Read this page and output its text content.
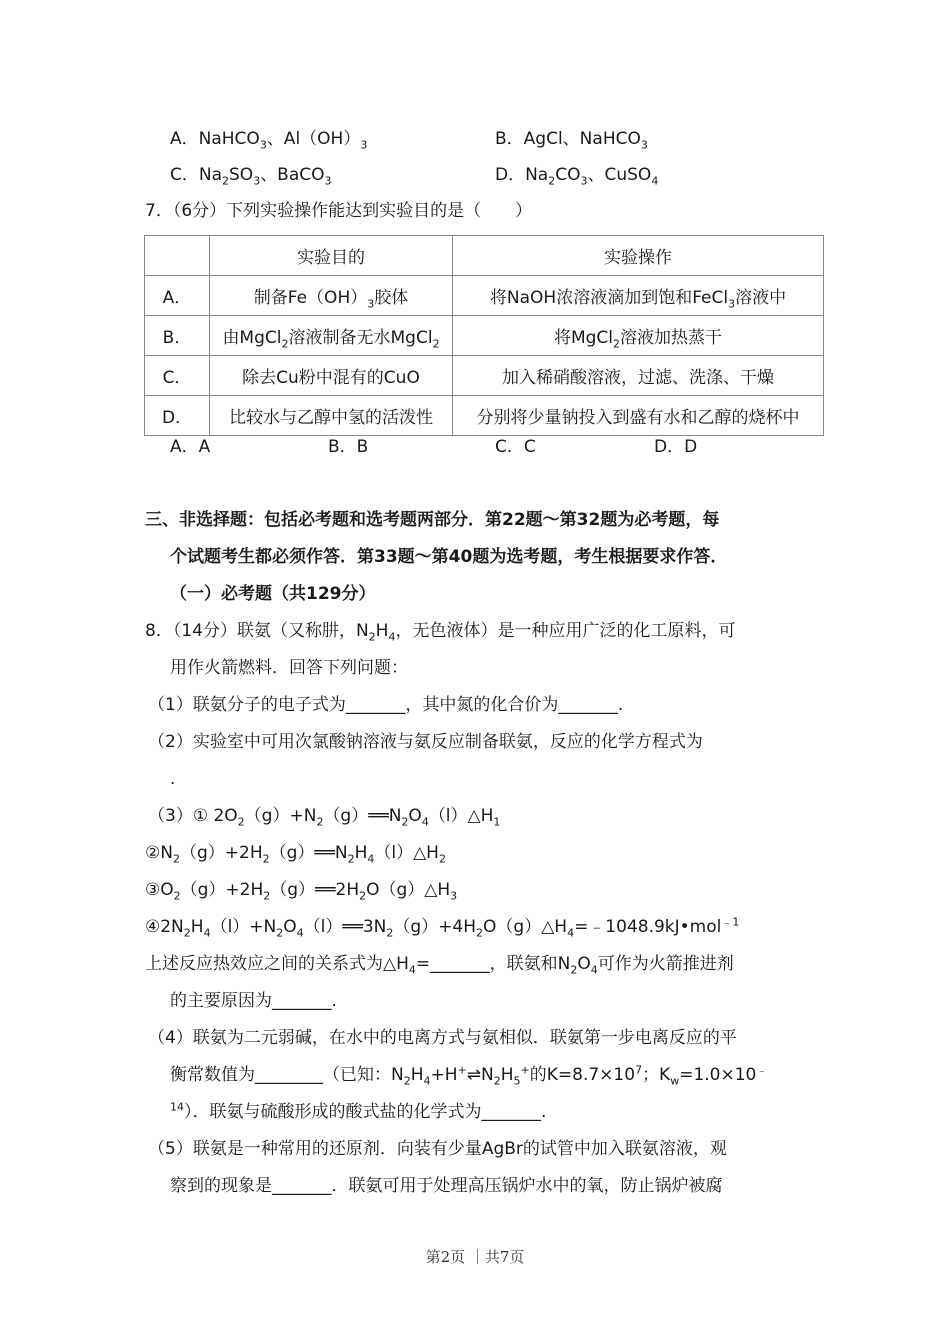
A．NaHCO$_3$、$Al(OH)_3$	B．AgCl、NaHCO$_3$
C．$Na_2SO_3$、BaCO$_3$	D．$Na_2CO_3$、CuSO$_4$
7．（6分）下列实验操作能达到实验目的是（　　）
	实验目的	实验操作
A．	制备$Fe(OH)_3$胶体	将NaOH浓溶液滴加到饱和FeCl$_3$溶液中
B．	由MgCl$_2$溶液制备无水MgCl$_2$	将MgCl$_2$溶液加热蒸干
C．	除去Cu粉中混有的CuO	加入稀硝酸溶液，过滤、洗涤、干燥
D．	比较水与乙醇中氢的活泼性	分别将少量钠投入到盛有水和乙醇的烧杯中
A．A	B．B	C．C	D．D
三、非选择题：包括必考题和选考题两部分．第22题～第32题为必考题，每
个试题考生都必须作答．第33题～第40题为选考题，考生根据要求作答．
（一）必考题（共129分）
8．（14分）联氨（又称肼，$N_2H_4$，无色液体）是一种应用广泛的化工原料，可
用作火箭燃料．回答下列问题：
（1）联氨分子的电子式为_______，其中氮的化合价为_______.
（2）实验室中可用次氯酸钠溶液与氨反应制备联氨，反应的化学方程式为
.
（3）① $2O_2(g)+N_2(g)══N_2O_4(l)\triangle H_1$
$②N_2(g)+2H_2(g)══N_2H_4(l)\triangle H_2$
$③O_2(g)+2H_2(g)══2H_2O(g)\triangle H_3$
$④2N_2H_4(l)+N_2O_4(l)══3N_2(g)+4H_2O(g)\triangle H_4=﹣1048.9kJ•mol^{﹣1}$
上述反应热效应之间的关系式为$\triangle H_4=\_\_\_\_\_\_\_$，联氨和$N_2O_4$可作为火箭推进剂
的主要原因为_______.
（4）联氨为二元弱碱，在水中的电离方式与氨相似．联氨第一步电离反应的平
衡常数值为________（已知：$N_2H_4+H^+\rightleftharpoons N_2H_5^+$的$K=8.7\times 10^7$；$K_w=1.0\times 10^﹣$
$^{14}$）．联氨与硫酸形成的酸式盐的化学式为_______.
（5）联氨是一种常用的还原剂．向装有少量AgBr的试管中加入联氨溶液，观
察到的现象是_______．联氨可用于处理高压锅炉水中的氧，防止锅炉被腐
第2页 ｜共7页
